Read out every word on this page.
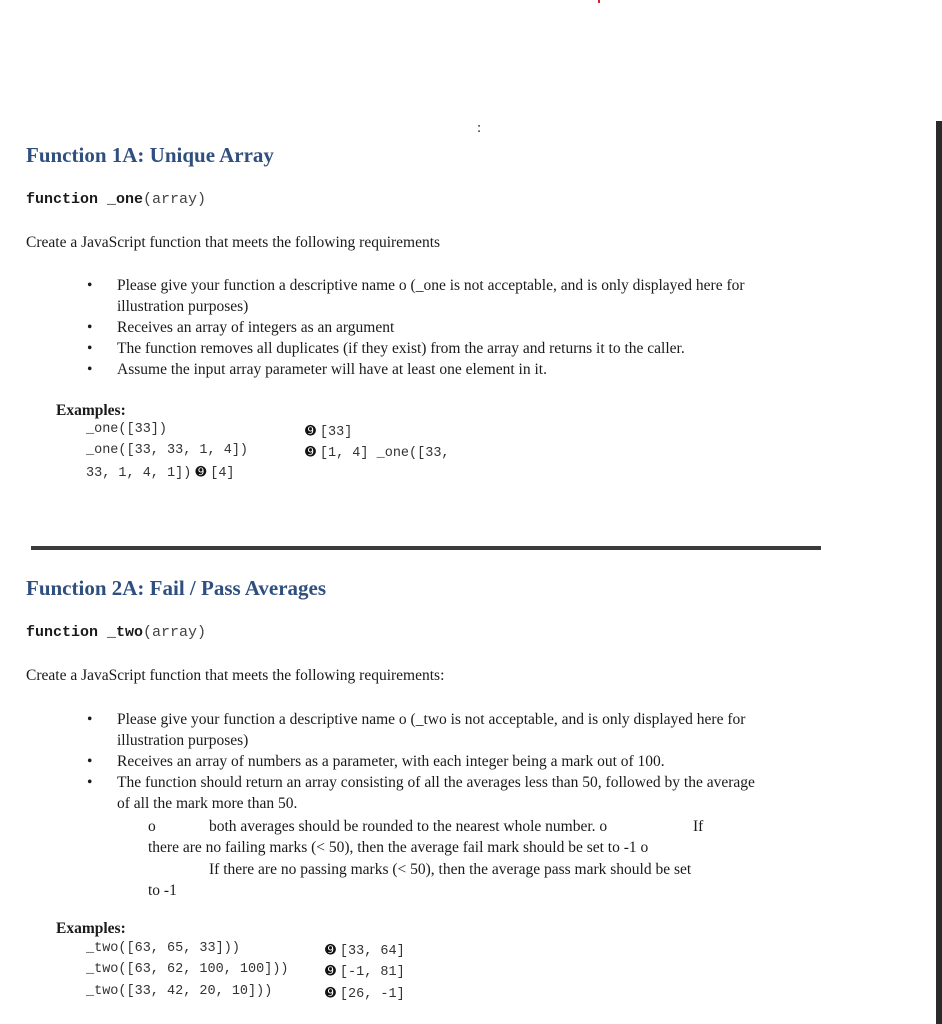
:
Function 1A: Unique Array
function _one(array)
Create a JavaScript function that meets the following requirements
• Please give your function a descriptive name o (_one is not acceptable, and is only displayed here for
illustration purposes)
• Receives an array of integers as an argument
• The function removes all duplicates (if they exist) from the array and returns it to the caller.
• Assume the input array parameter will have at least one element in it.
Examples:
_one([33])	➒ [33]
_one([33, 33, 1, 4])	➒ [1, 4] _one([33,
33, 1, 4, 1]) ➒ [4]
Function 2A: Fail / Pass Averages
function _two(array)
Create a JavaScript function that meets the following requirements:
• Please give your function a descriptive name o (_two is not acceptable, and is only displayed here for
illustration purposes)
• Receives an array of numbers as a parameter, with each integer being a mark out of 100.
• The function should return an array consisting of all the averages less than 50, followed by the average
of all the mark more than 50.
o	both averages should be rounded to the nearest whole number. o	If
there are no failing marks (< 50), then the average fail mark should be set to -1 o
If there are no passing marks (< 50), then the average pass mark should be set
to -1
Examples:
_two([63, 65, 33]))	➒ [33, 64]
_two([63, 62, 100, 100]))	➒ [-1, 81]
_two([33, 42, 20, 10]))	➒ [26, -1]
